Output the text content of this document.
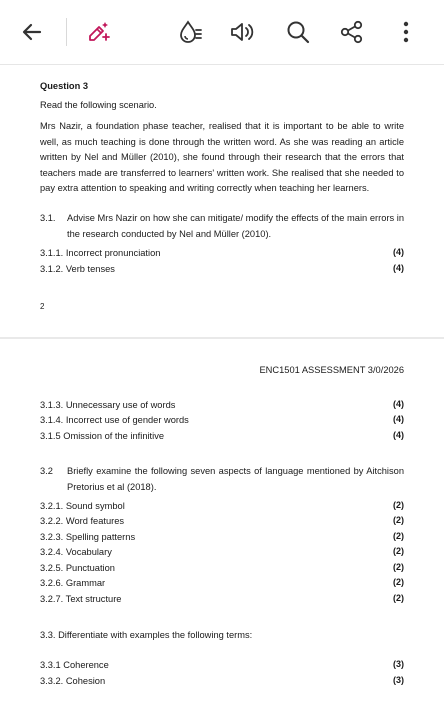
Question 3
Read the following scenario.
Mrs Nazir, a foundation phase teacher, realised that it is important to be able to write well, as much teaching is done through the written word. As she was reading an article written by Nel and Müller (2010), she found through their research that the errors that teachers made are transferred to learners' written work. She realised that she needed to pay extra attention to speaking and writing correctly when teaching her learners.
3.1. Advise Mrs Nazir on how she can mitigate/ modify the effects of the main errors in the research conducted by Nel and Müller (2010).
3.1.1. Incorrect pronunciation	(4)
3.1.2. Verb tenses	(4)
2
ENC1501 ASSESSMENT 3/0/2026
3.1.3. Unnecessary use of words	(4)
3.1.4. Incorrect use of gender words	(4)
3.1.5 Omission of the infinitive	(4)
3.2 Briefly examine the following seven aspects of language mentioned by Aitchison Pretorius et al (2018).
3.2.1. Sound symbol	(2)
3.2.2. Word features	(2)
3.2.3. Spelling patterns	(2)
3.2.4. Vocabulary	(2)
3.2.5. Punctuation	(2)
3.2.6. Grammar	(2)
3.2.7. Text structure	(2)
3.3. Differentiate with examples the following terms:
3.3.1 Coherence	(3)
3.3.2. Cohesion	(3)
